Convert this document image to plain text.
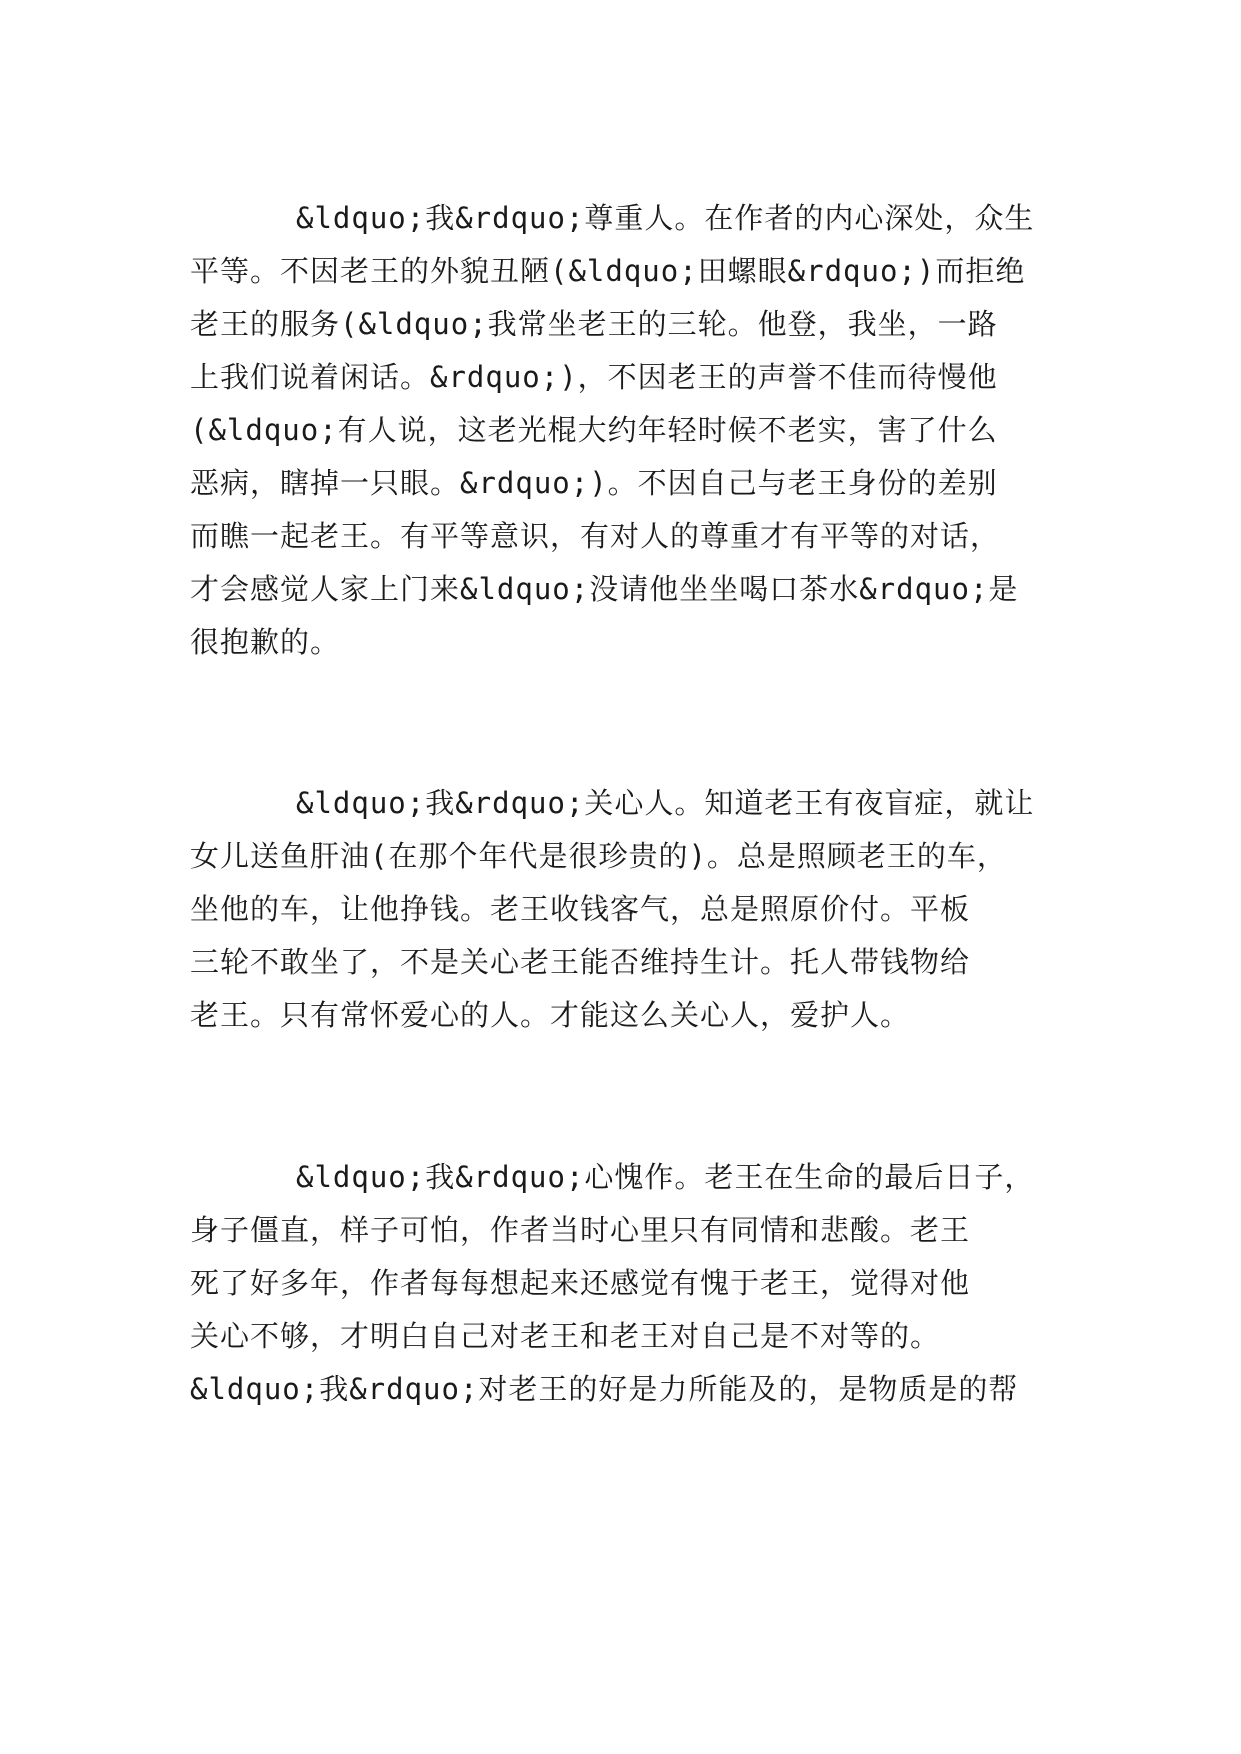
&ldquo;我&rdquo;尊重人。在作者的内心深处，众生
平等。不因老王的外貌丑陋(&ldquo;田螺眼&rdquo;)而拒绝
老王的服务(&ldquo;我常坐老王的三轮。他登，我坐，一路
上我们说着闲话。&rdquo;)，不因老王的声誉不佳而待慢他
(&ldquo;有人说，这老光棍大约年轻时候不老实，害了什么
恶病，瞎掉一只眼。&rdquo;)。不因自己与老王身份的差别
而瞧一起老王。有平等意识，有对人的尊重才有平等的对话，
才会感觉人家上门来&ldquo;没请他坐坐喝口茶水&rdquo;是
很抱歉的。
&ldquo;我&rdquo;关心人。知道老王有夜盲症，就让
女儿送鱼肝油(在那个年代是很珍贵的)。总是照顾老王的车，
坐他的车，让他挣钱。老王收钱客气，总是照原价付。平板
三轮不敢坐了，不是关心老王能否维持生计。托人带钱物给
老王。只有常怀爱心的人。才能这么关心人，爱护人。
&ldquo;我&rdquo;心愧作。老王在生命的最后日子，
身子僵直，样子可怕，作者当时心里只有同情和悲酸。老王
死了好多年，作者每每想起来还感觉有愧于老王，觉得对他
关心不够，才明白自己对老王和老王对自己是不对等的。
&ldquo;我&rdquo;对老王的好是力所能及的，是物质是的帮
